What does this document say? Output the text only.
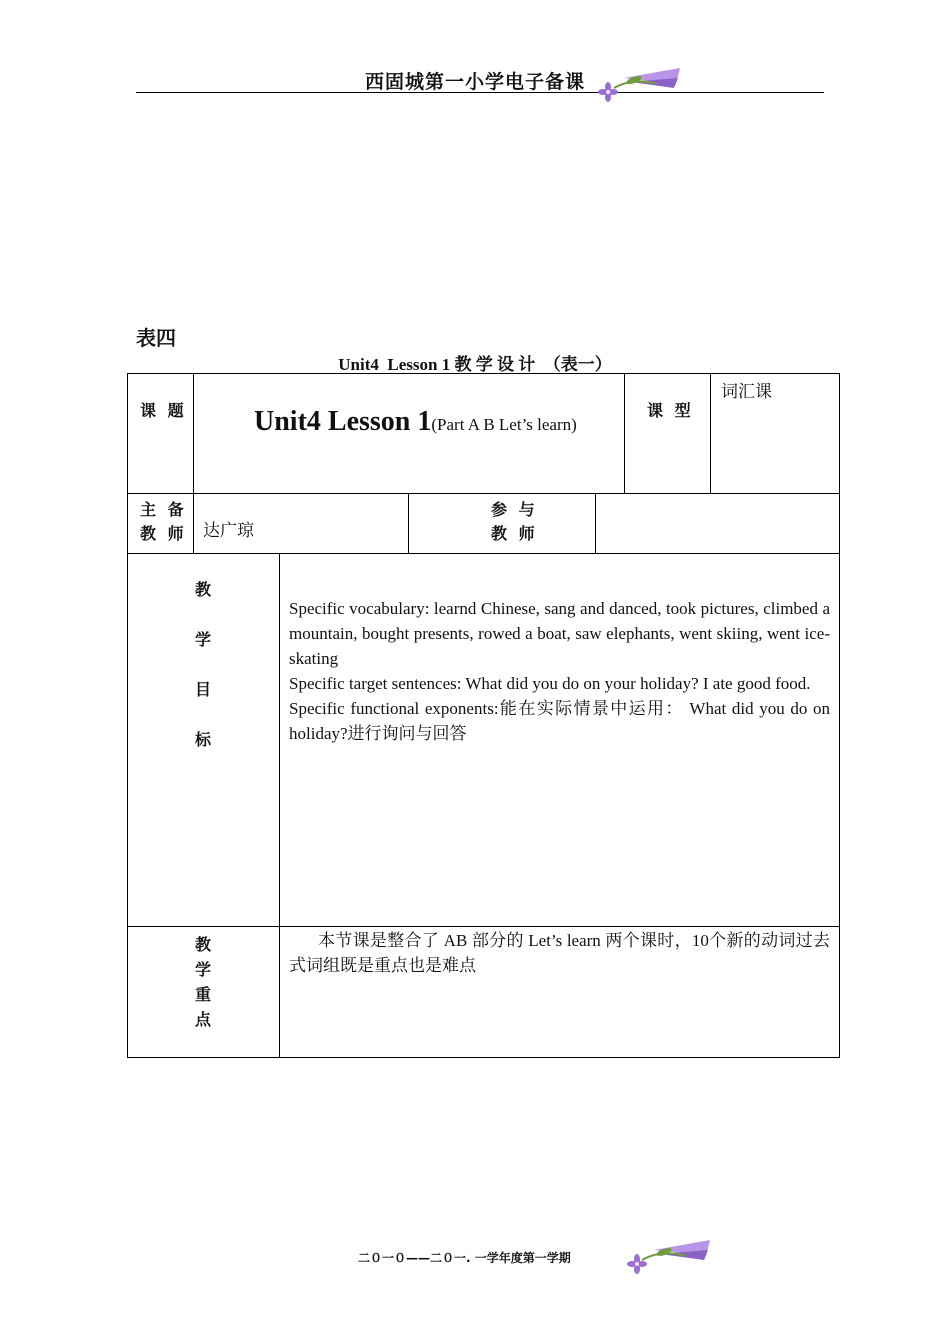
西固城第一小学电子备课
表四
Unit4  Lesson 1 教 学 设 计  （表一）
课 题 Unit4 Lesson 1(Part A B Let’s learn)
课 型
词汇课
主 备
教 师 达广琼
参 与
教 师
教
学
目
标
Specific vocabulary: learnd Chinese, sang and danced, took pictures, climbed a mountain, bought presents, rowed a boat, saw elephants, went skiing, went ice-skating
Specific target sentences: What did you do on your holiday? I ate good food.
Specific functional exponents:能在实际情景中运用： What did you do on holiday?进行询问与回答
教
学
重
点
本节课是整合了 AB 部分的 Let’s learn 两个课时，10个新的动词过去式词组既是重点也是难点
二０一０——二０一. 一学年度第一学期
